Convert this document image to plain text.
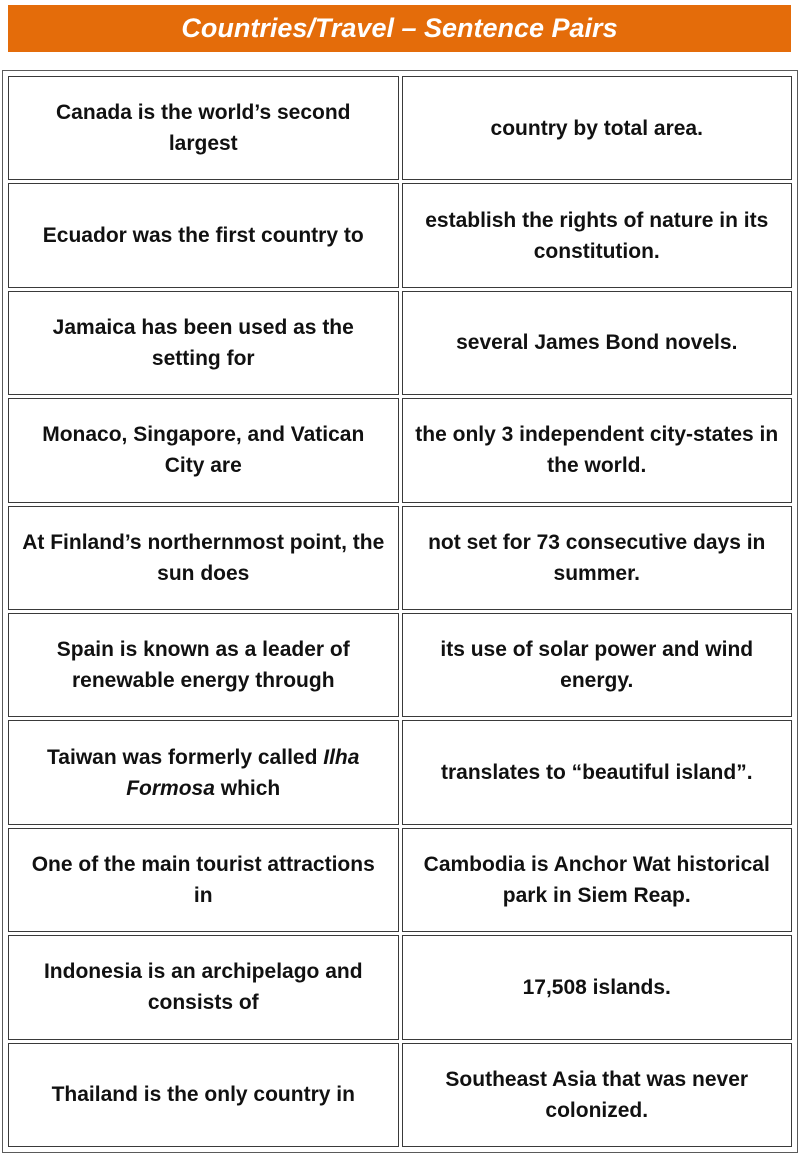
Countries/Travel – Sentence Pairs
Canada is the world’s second largest	country by total area.
Ecuador was the first country to	establish the rights of nature in its constitution.
Jamaica has been used as the setting for	several James Bond novels.
Monaco, Singapore, and Vatican City are	the only 3 independent city-states in the world.
At Finland’s northernmost point, the sun does	not set for 73 consecutive days in summer.
Spain is known as a leader of renewable energy through	its use of solar power and wind energy.
Taiwan was formerly called Ilha Formosa which	translates to “beautiful island”.
One of the main tourist attractions in	Cambodia is Anchor Wat historical park in Siem Reap.
Indonesia is an archipelago and consists of	17,508 islands.
Thailand is the only country in	Southeast Asia that was never colonized.
